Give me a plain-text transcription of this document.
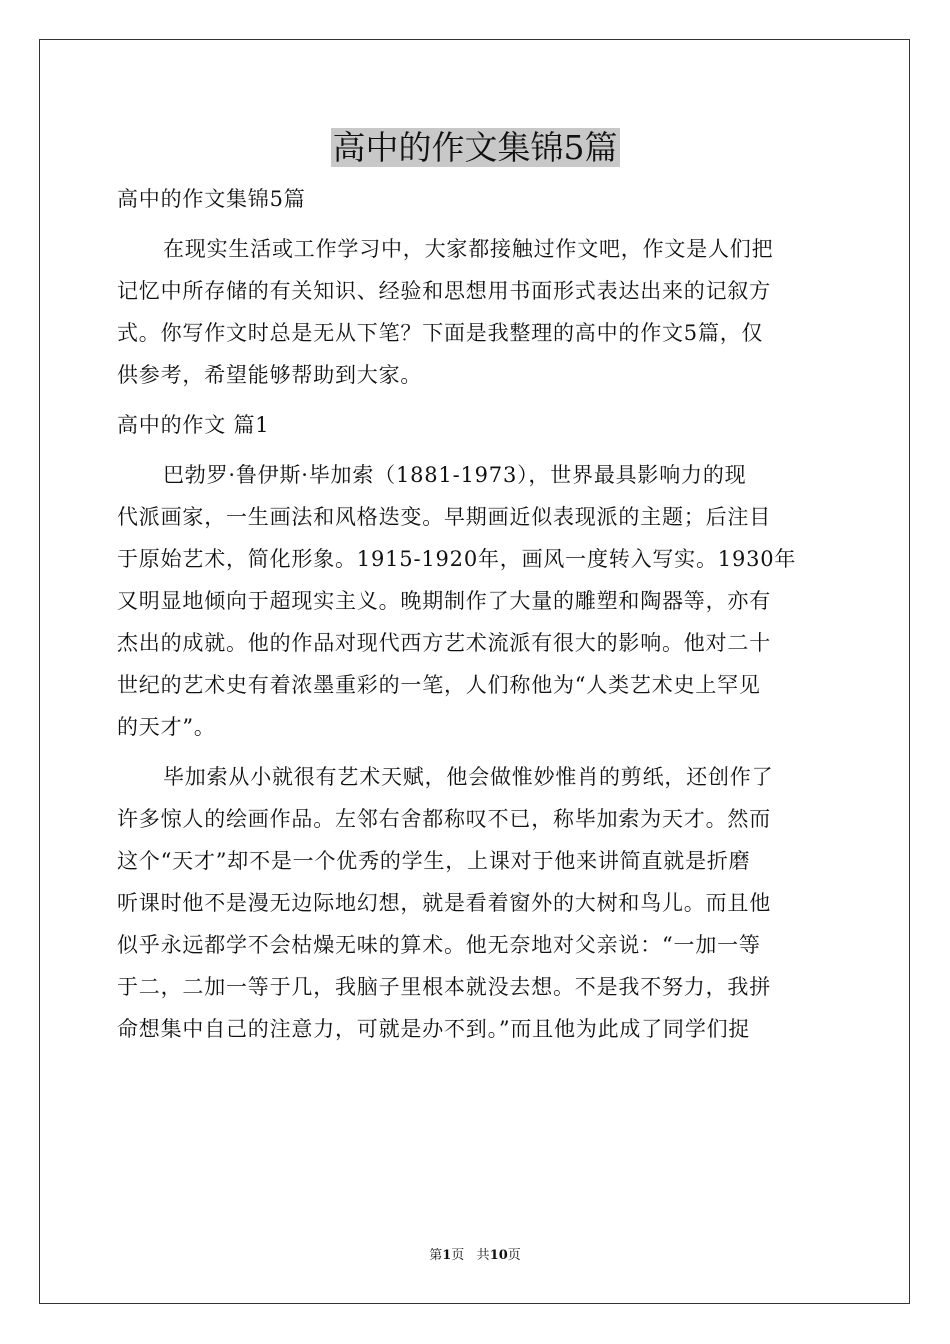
高中的作文集锦5篇

高中的作文集锦5篇

在现实生活或工作学习中，大家都接触过作文吧，作文是人们把

记忆中所存储的有关知识、经验和思想用书面形式表达出来的记叙方

式。你写作文时总是无从下笔？下面是我整理的高中的作文5篇，仅

供参考，希望能够帮助到大家。

高中的作文 篇1

巴勃罗·鲁伊斯·毕加索（1881-1973），世界最具影响力的现

代派画家，一生画法和风格迭变。早期画近似表现派的主题；后注目

于原始艺术，简化形象。1915-1920年，画风一度转入写实。1930年

又明显地倾向于超现实主义。晚期制作了大量的雕塑和陶器等，亦有

杰出的成就。他的作品对现代西方艺术流派有很大的影响。他对二十

世纪的艺术史有着浓墨重彩的一笔，人们称他为“人类艺术史上罕见

的天才”。

毕加索从小就很有艺术天赋，他会做惟妙惟肖的剪纸，还创作了

许多惊人的绘画作品。左邻右舍都称叹不已，称毕加索为天才。然而

这个“天才”却不是一个优秀的学生，上课对于他来讲简直就是折磨

听课时他不是漫无边际地幻想，就是看着窗外的大树和鸟儿。而且他

似乎永远都学不会枯燥无味的算术。他无奈地对父亲说：“一加一等

于二，二加一等于几，我脑子里根本就没去想。不是我不努力，我拼

命想集中自己的注意力，可就是办不到。”而且他为此成了同学们捉

第1页 共10页
